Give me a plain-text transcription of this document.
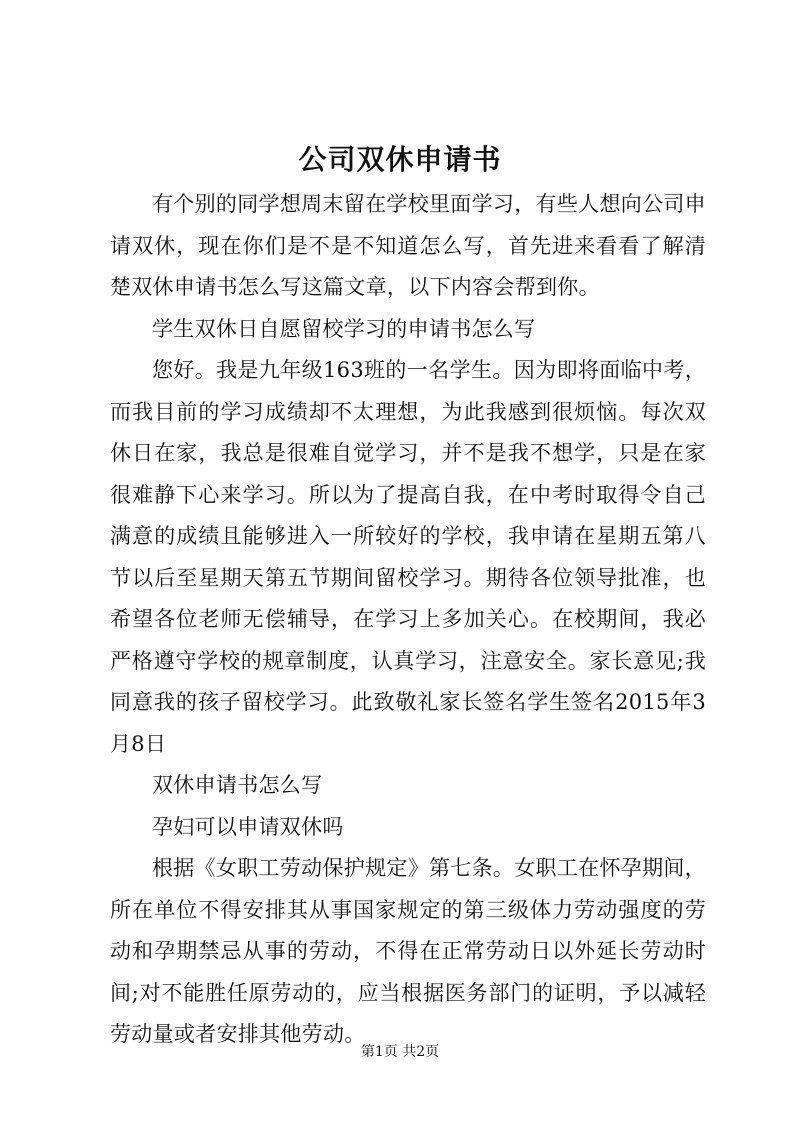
公司双休申请书

有个别的同学想周末留在学校里面学习，有些人想向公司申请双休，现在你们是不是不知道怎么写，首先进来看看了解清楚双休申请书怎么写这篇文章，以下内容会帮到你。

学生双休日自愿留校学习的申请书怎么写

您好。我是九年级163班的一名学生。因为即将面临中考，而我目前的学习成绩却不太理想，为此我感到很烦恼。每次双休日在家，我总是很难自觉学习，并不是我不想学，只是在家很难静下心来学习。所以为了提高自我，在中考时取得令自己满意的成绩且能够进入一所较好的学校，我申请在星期五第八节以后至星期天第五节期间留校学习。期待各位领导批准，也希望各位老师无偿辅导，在学习上多加关心。在校期间，我必严格遵守学校的规章制度，认真学习，注意安全。家长意见;我同意我的孩子留校学习。此致敬礼家长签名学生签名2015年3月8日

双休申请书怎么写

孕妇可以申请双休吗

根据《女职工劳动保护规定》第七条。女职工在怀孕期间，所在单位不得安排其从事国家规定的第三级体力劳动强度的劳动和孕期禁忌从事的劳动，不得在正常劳动日以外延长劳动时间;对不能胜任原劳动的，应当根据医务部门的证明，予以减轻劳动量或者安排其他劳动。

第1页 共2页
